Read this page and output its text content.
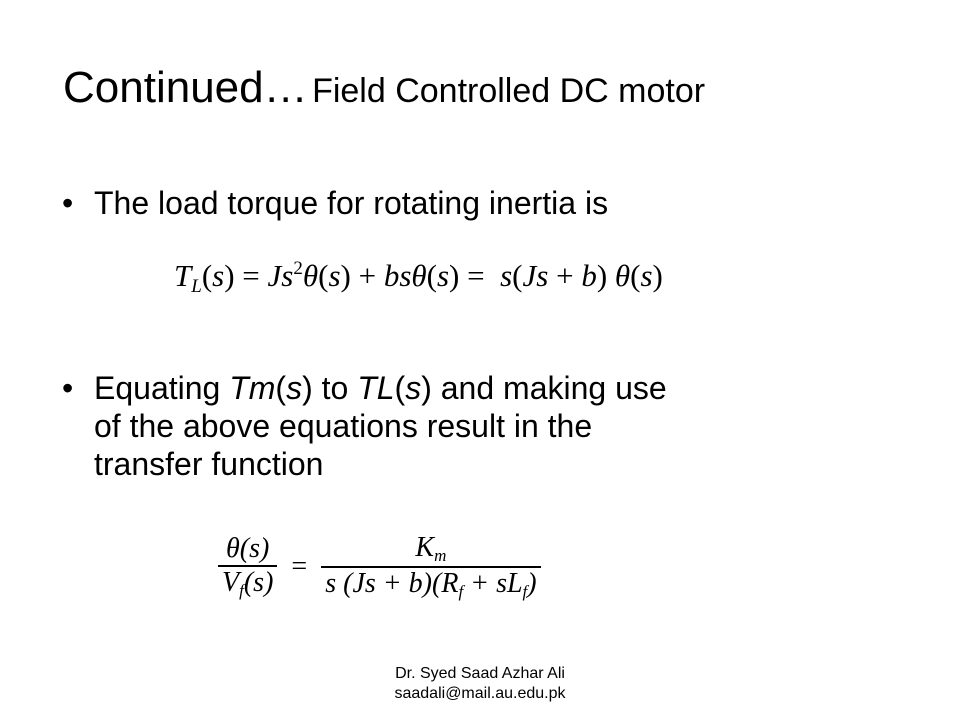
Continued… Field Controlled DC motor
• The load torque for rotating inertia is
$T_L(s) = Js^2\theta(s) + bs\theta(s) = s(Js + b)$ θ(s)
• Equating Tm(s) to TL(s) and making use
of the above equations result in the
transfer function
$\frac{\theta(s)}{V_f(s)} = \frac{K_m}{s (Js + b)(R_f + sL_f)}$
Dr. Syed Saad Azhar Ali
saadali@mail.au.edu.pk
